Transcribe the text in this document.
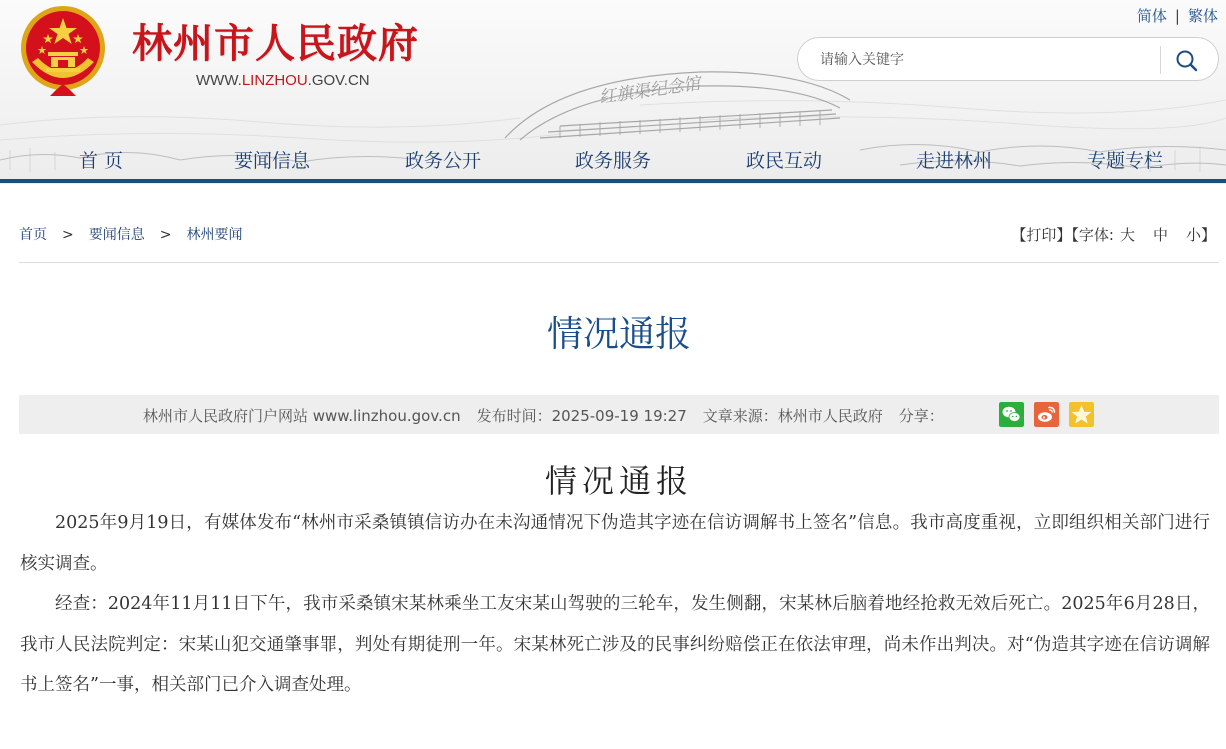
红旗渠纪念馆
林州市人民政府
WWW.LINZHOU.GOV.CN
简体 | 繁体
请输入关键字
首 页	要闻信息	政务公开	政务服务	政民互动	走进林州	专题专栏
首页 > 要闻信息 > 林州要闻	【打印】【字体: 大 中 小】
情况通报
林州市人民政府门户网站 www.linzhou.gov.cn 发布时间：2025-09-19 19:27 文章来源：林州市人民政府 分享：
情况通报

2025年9月19日，有媒体发布“林州市采桑镇镇信访办在未沟通情况下伪造其字迹在信访调解书上签名”信息。我市高度重视，立即组织相关部门进行核实调查。

经查：2024年11月11日下午，我市采桑镇宋某林乘坐工友宋某山驾驶的三轮车，发生侧翻，宋某林后脑着地经抢救无效后死亡。2025年6月28日，我市人民法院判定：宋某山犯交通肇事罪，判处有期徒刑一年。宋某林死亡涉及的民事纠纷赔偿正在依法审理，尚未作出判决。对“伪造其字迹在信访调解书上签名”一事，相关部门已介入调查处理。
